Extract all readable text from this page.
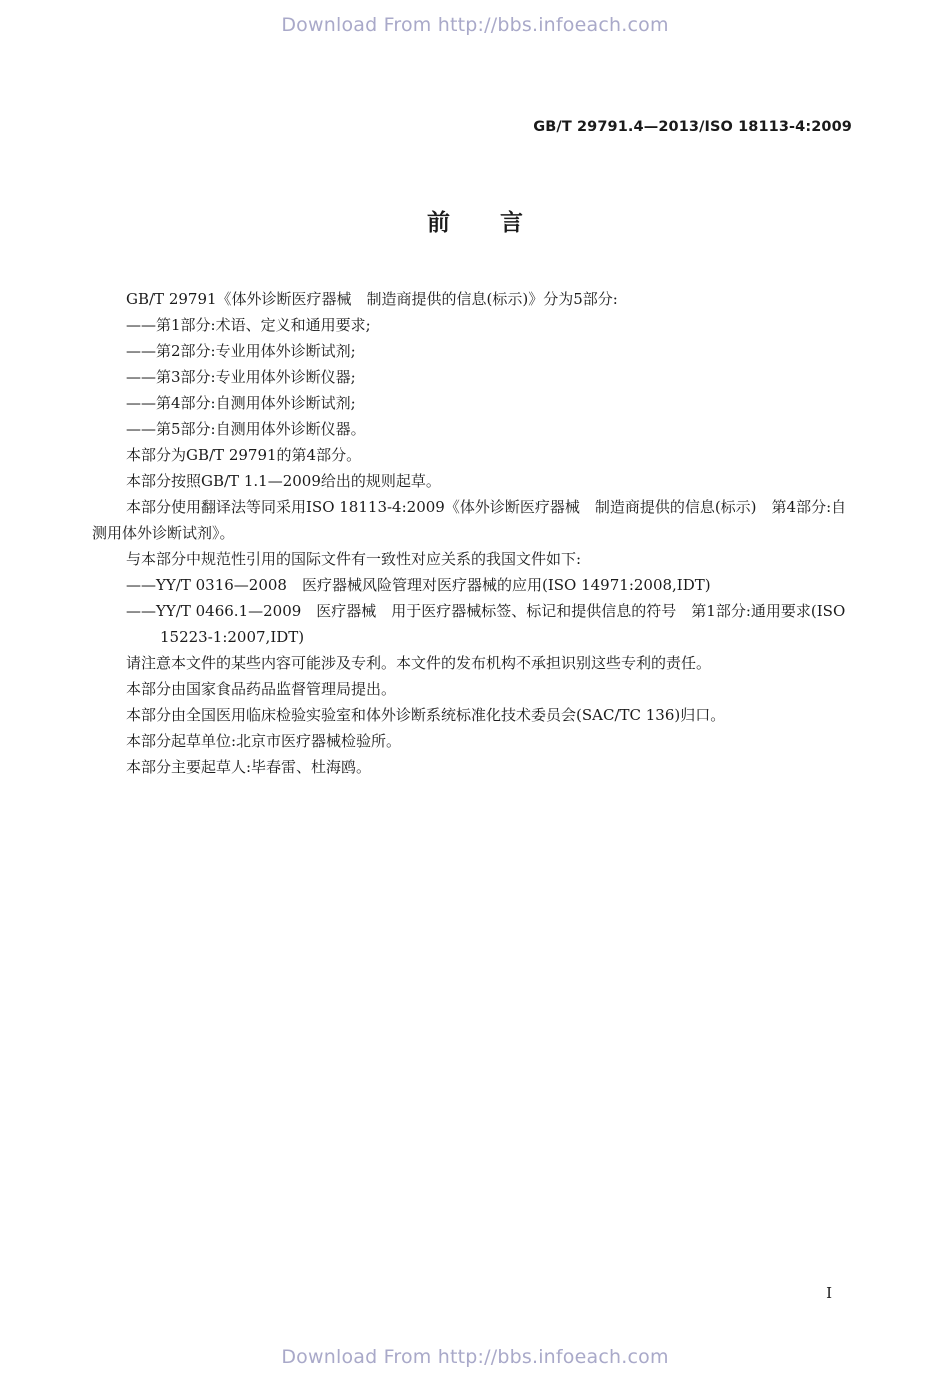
Download From http://bbs.infoeach.com
GB/T 29791.4—2013/ISO 18113-4:2009
前言

GB/T 29791《体外诊断医疗器械　制造商提供的信息(标示)》分为5部分:

——第1部分:术语、定义和通用要求;

——第2部分:专业用体外诊断试剂;

——第3部分:专业用体外诊断仪器;

——第4部分:自测用体外诊断试剂;

——第5部分:自测用体外诊断仪器。

本部分为GB/T 29791的第4部分。

本部分按照GB/T 1.1—2009给出的规则起草。

本部分使用翻译法等同采用ISO 18113-4:2009《体外诊断医疗器械　制造商提供的信息(标示)　第4部分:自测用体外诊断试剂》。

与本部分中规范性引用的国际文件有一致性对应关系的我国文件如下:

——YY/T 0316—2008　医疗器械风险管理对医疗器械的应用(ISO 14971:2008,IDT)

——YY/T 0466.1—2009　医疗器械　用于医疗器械标签、标记和提供信息的符号　第1部分:通用要求(ISO 15223-1:2007,IDT)

请注意本文件的某些内容可能涉及专利。本文件的发布机构不承担识别这些专利的责任。

本部分由国家食品药品监督管理局提出。

本部分由全国医用临床检验实验室和体外诊断系统标准化技术委员会(SAC/TC 136)归口。

本部分起草单位:北京市医疗器械检验所。

本部分主要起草人:毕春雷、杜海鸥。

I
Download From http://bbs.infoeach.com
